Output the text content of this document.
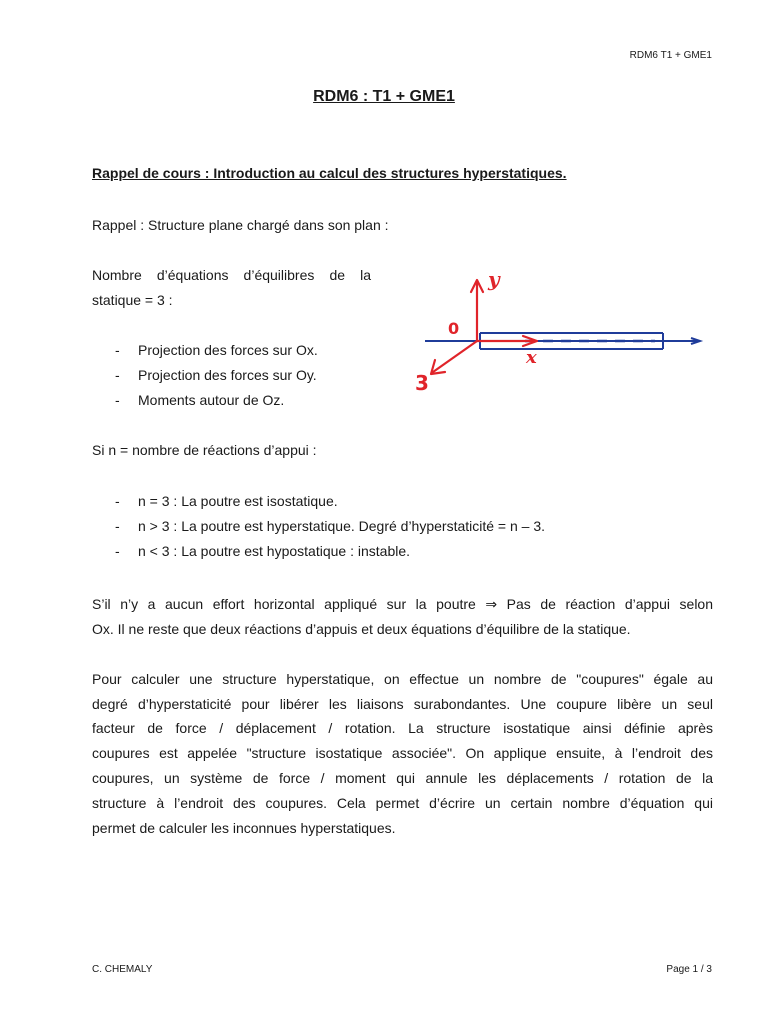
RDM6 T1 + GME1
RDM6 : T1 + GME1
Rappel de cours : Introduction au calcul des structures hyperstatiques.
Rappel : Structure plane chargé dans son plan :
Nombre d’équations d’équilibres de la
statique = 3 :
- Projection des forces sur Ox.
- Projection des forces sur Oy.
- Moments autour de Oz.
Si n = nombre de réactions d’appui :
- n = 3 : La poutre est isostatique.
- n > 3 : La poutre est hyperstatique. Degré d’hyperstaticité = n – 3.
- n < 3 : La poutre est hypostatique : instable.
S’il n’y a aucun effort horizontal appliqué sur la poutre ⇒ Pas de réaction d’appui selon
Ox. Il ne reste que deux réactions d’appuis et deux équations d’équilibre de la statique.
Pour calculer une structure hyperstatique, on effectue un nombre de "coupures" égale au
degré d’hyperstaticité pour libérer les liaisons surabondantes. Une coupure libère un seul
facteur de force / déplacement / rotation. La structure isostatique ainsi définie après
coupures est appelée "structure isostatique associée". On applique ensuite, à l’endroit des
coupures, un système de force / moment qui annule les déplacements / rotation de la
structure à l’endroit des coupures. Cela permet d’écrire un certain nombre d’équation qui
permet de calculer les inconnues hyperstatiques.
y
x
3
0
C. CHEMALY	Page 1 / 3
